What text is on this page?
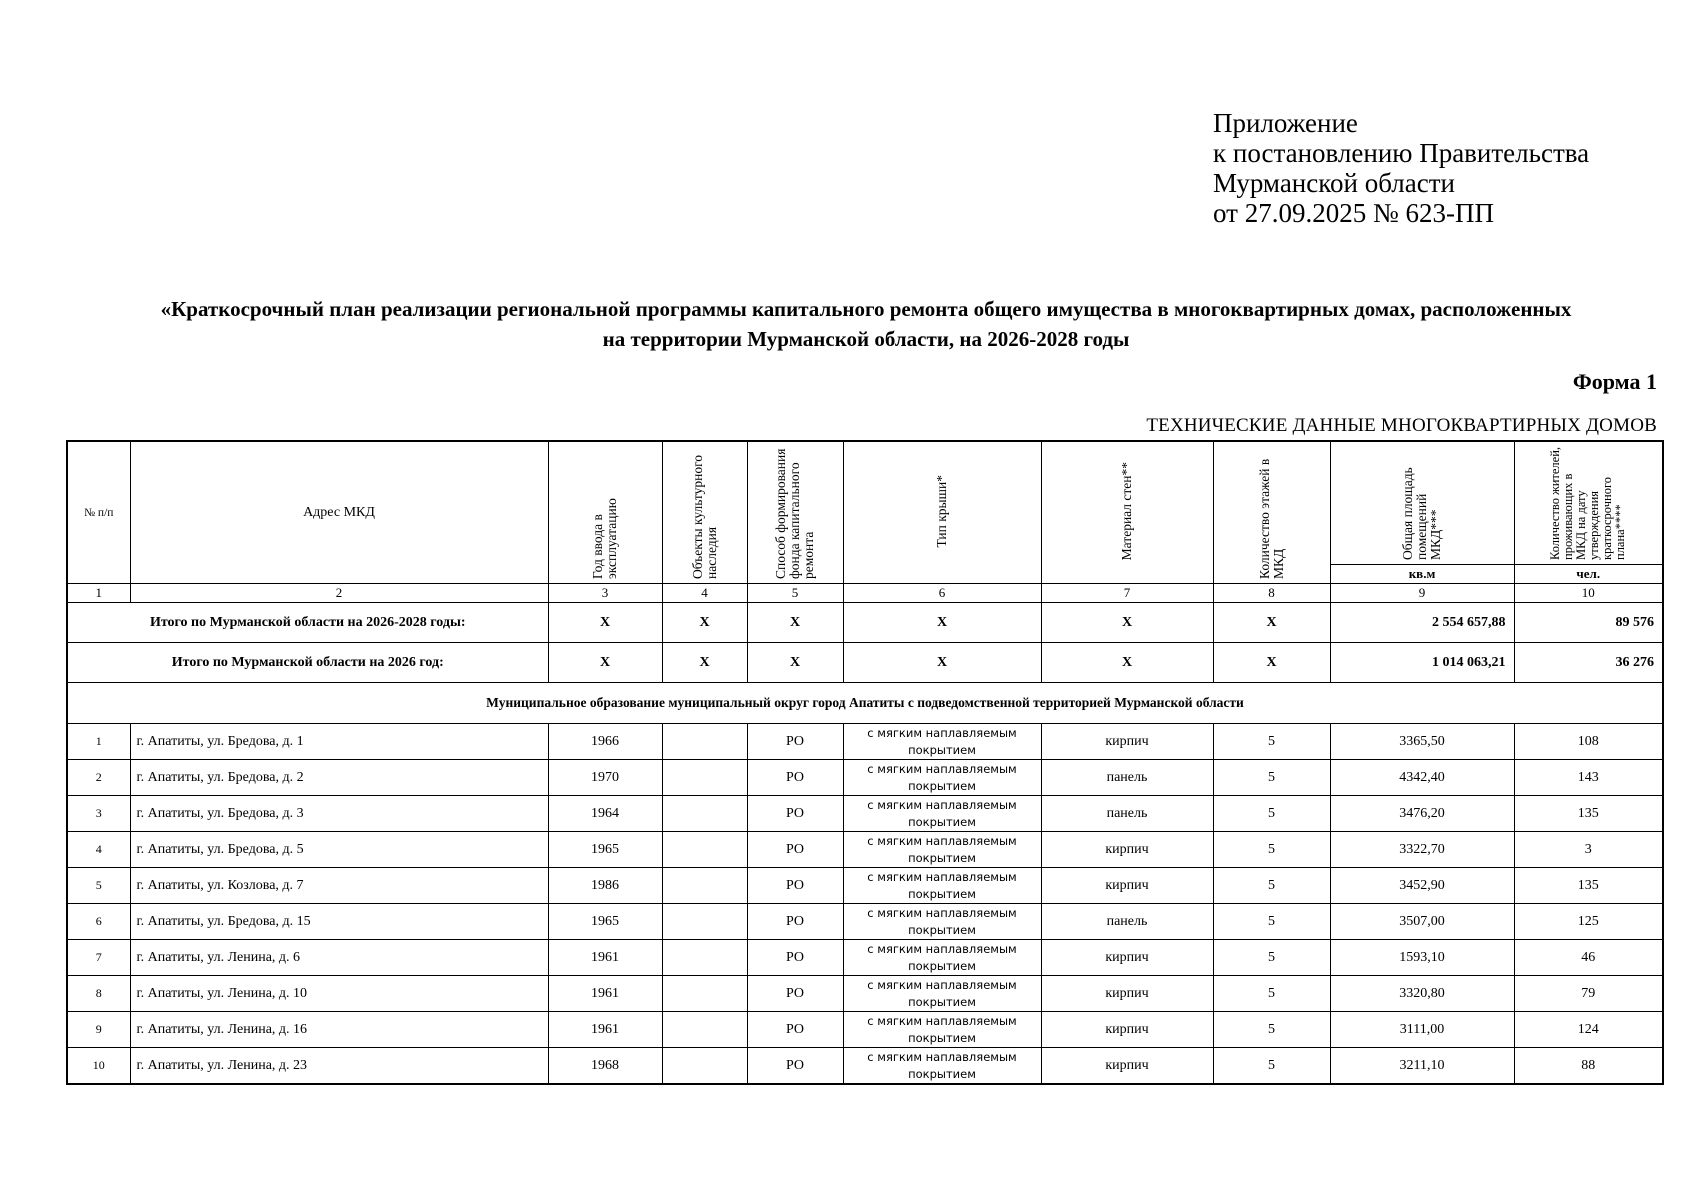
Приложение
к постановлению Правительства
Мурманской области
от 27.09.2025 № 623-ПП
«Краткосрочный план реализации региональной программы капитального ремонта общего имущества в многоквартирных домах, расположенных
на территории Мурманской области, на 2026-2028 годы
Форма 1
ТЕХНИЧЕСКИЕ ДАННЫЕ МНОГОКВАРТИРНЫХ ДОМОВ
№ п/п	Адрес МКД	Год ввода в эксплуатацию	Объекты культурного наследия	Способ формирования фонда капитального ремонта	Тип крыши*	Материал стен**	Количество этажей в МКД	Общая площадь помещений МКД***	Количество жителей, проживающих в МКД на дату утверждения краткосрочного плана****
								кв.м	чел.
1	2	3	4	5	6	7	8	9	10
Итого по Мурманской области на 2026-2028 годы:		X	X	X	X	X	X	2 554 657,88	89 576
Итого по Мурманской области на 2026 год:		X	X	X	X	X	X	1 014 063,21	36 276
Муниципальное образование муниципальный округ город Апатиты с подведомственной территорией Мурманской области									
1	г. Апатиты, ул. Бредова, д. 1	1966		РО	с мягким наплавляемым покрытием	кирпич	5	3365,50	108
2	г. Апатиты, ул. Бредова, д. 2	1970		РО	с мягким наплавляемым покрытием	панель	5	4342,40	143
3	г. Апатиты, ул. Бредова, д. 3	1964		РО	с мягким наплавляемым покрытием	панель	5	3476,20	135
4	г. Апатиты, ул. Бредова, д. 5	1965		РО	с мягким наплавляемым покрытием	кирпич	5	3322,70	3
5	г. Апатиты, ул. Козлова, д. 7	1986		РО	с мягким наплавляемым покрытием	кирпич	5	3452,90	135
6	г. Апатиты, ул. Бредова, д. 15	1965		РО	с мягким наплавляемым покрытием	панель	5	3507,00	125
7	г. Апатиты, ул. Ленина, д. 6	1961		РО	с мягким наплавляемым покрытием	кирпич	5	1593,10	46
8	г. Апатиты, ул. Ленина, д. 10	1961		РО	с мягким наплавляемым покрытием	кирпич	5	3320,80	79
9	г. Апатиты, ул. Ленина, д. 16	1961		РО	с мягким наплавляемым покрытием	кирпич	5	3111,00	124
10	г. Апатиты, ул. Ленина, д. 23	1968		РО	с мягким наплавляемым покрытием	кирпич	5	3211,10	88
